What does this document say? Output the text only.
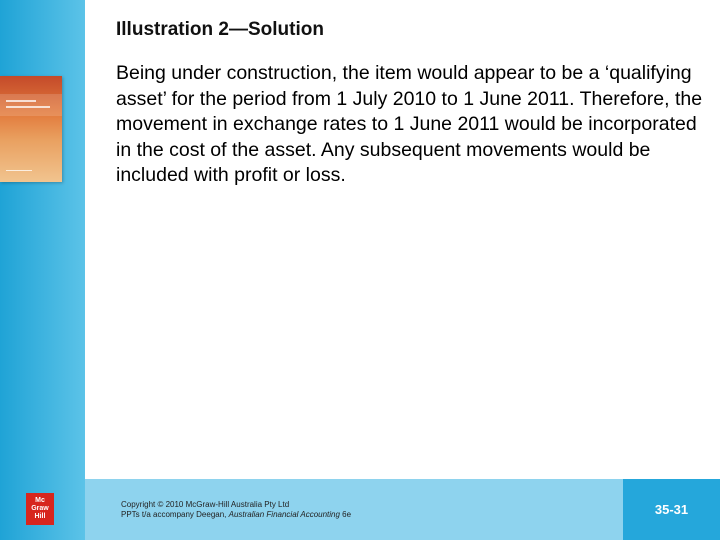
Mc
Graw
Hill
Illustration 2—Solution

Being under construction, the item would appear to be a ‘qualifying asset’ for the period from 1 July 2010 to 1 June 2011. Therefore, the movement in exchange rates to 1 June 2011 would be incorporated in the cost of the asset. Any subsequent movements would be included with profit or loss.

Copyright © 2010 McGraw-Hill Australia Pty Ltd
PPTs t/a accompany Deegan, Australian Financial Accounting 6e	35-31
